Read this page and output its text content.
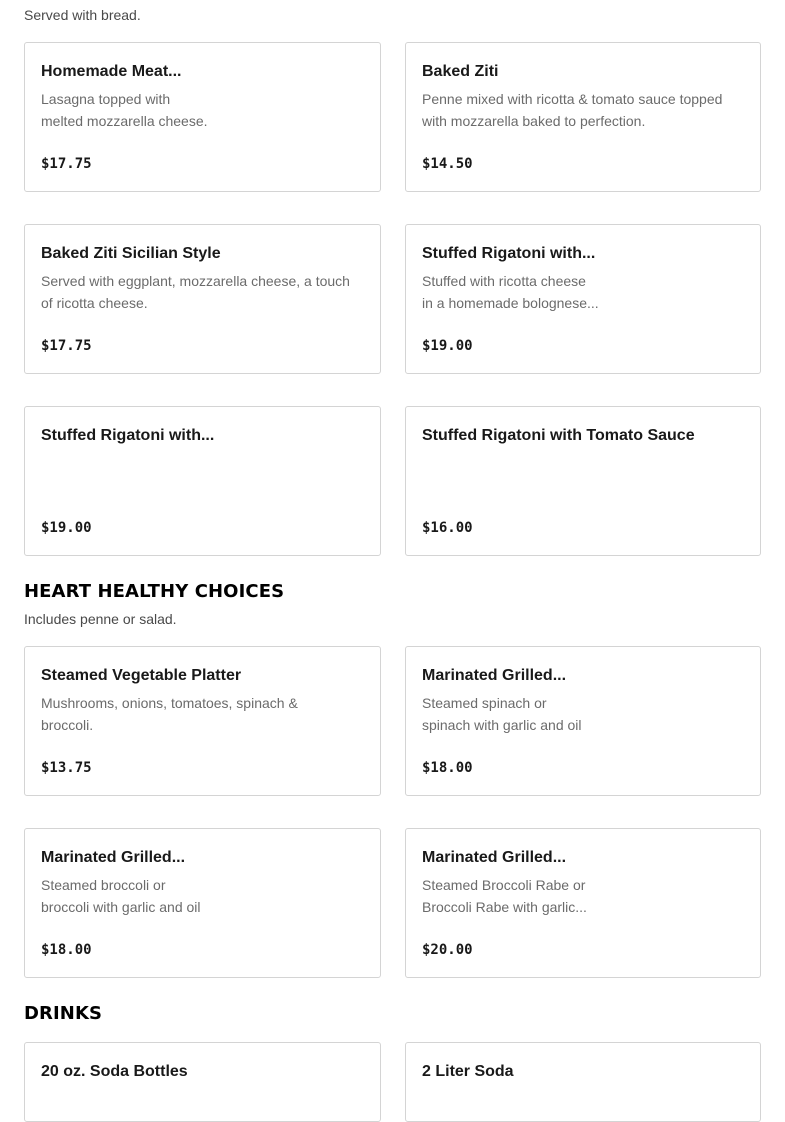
Served with bread.

Homemade Meat...
Lasagna topped with
melted mozzarella cheese.
$17.75
Baked Ziti
Penne mixed with ricotta & tomato sauce topped
with mozzarella baked to perfection.
$14.50
Baked Ziti Sicilian Style
Served with eggplant, mozzarella cheese, a touch
of ricotta cheese.
$17.75
Stuffed Rigatoni with...
Stuffed with ricotta cheese
in a homemade bolognese...
$19.00
Stuffed Rigatoni with...
$19.00
Stuffed Rigatoni with Tomato Sauce
$16.00
HEART HEALTHY CHOICES

Includes penne or salad.

Steamed Vegetable Platter
Mushrooms, onions, tomatoes, spinach &
broccoli.
$13.75
Marinated Grilled...
Steamed spinach or
spinach with garlic and oil
$18.00
Marinated Grilled...
Steamed broccoli or
broccoli with garlic and oil
$18.00
Marinated Grilled...
Steamed Broccoli Rabe or
Broccoli Rabe with garlic...
$20.00
DRINKS
20 oz. Soda Bottles	2 Liter Soda
